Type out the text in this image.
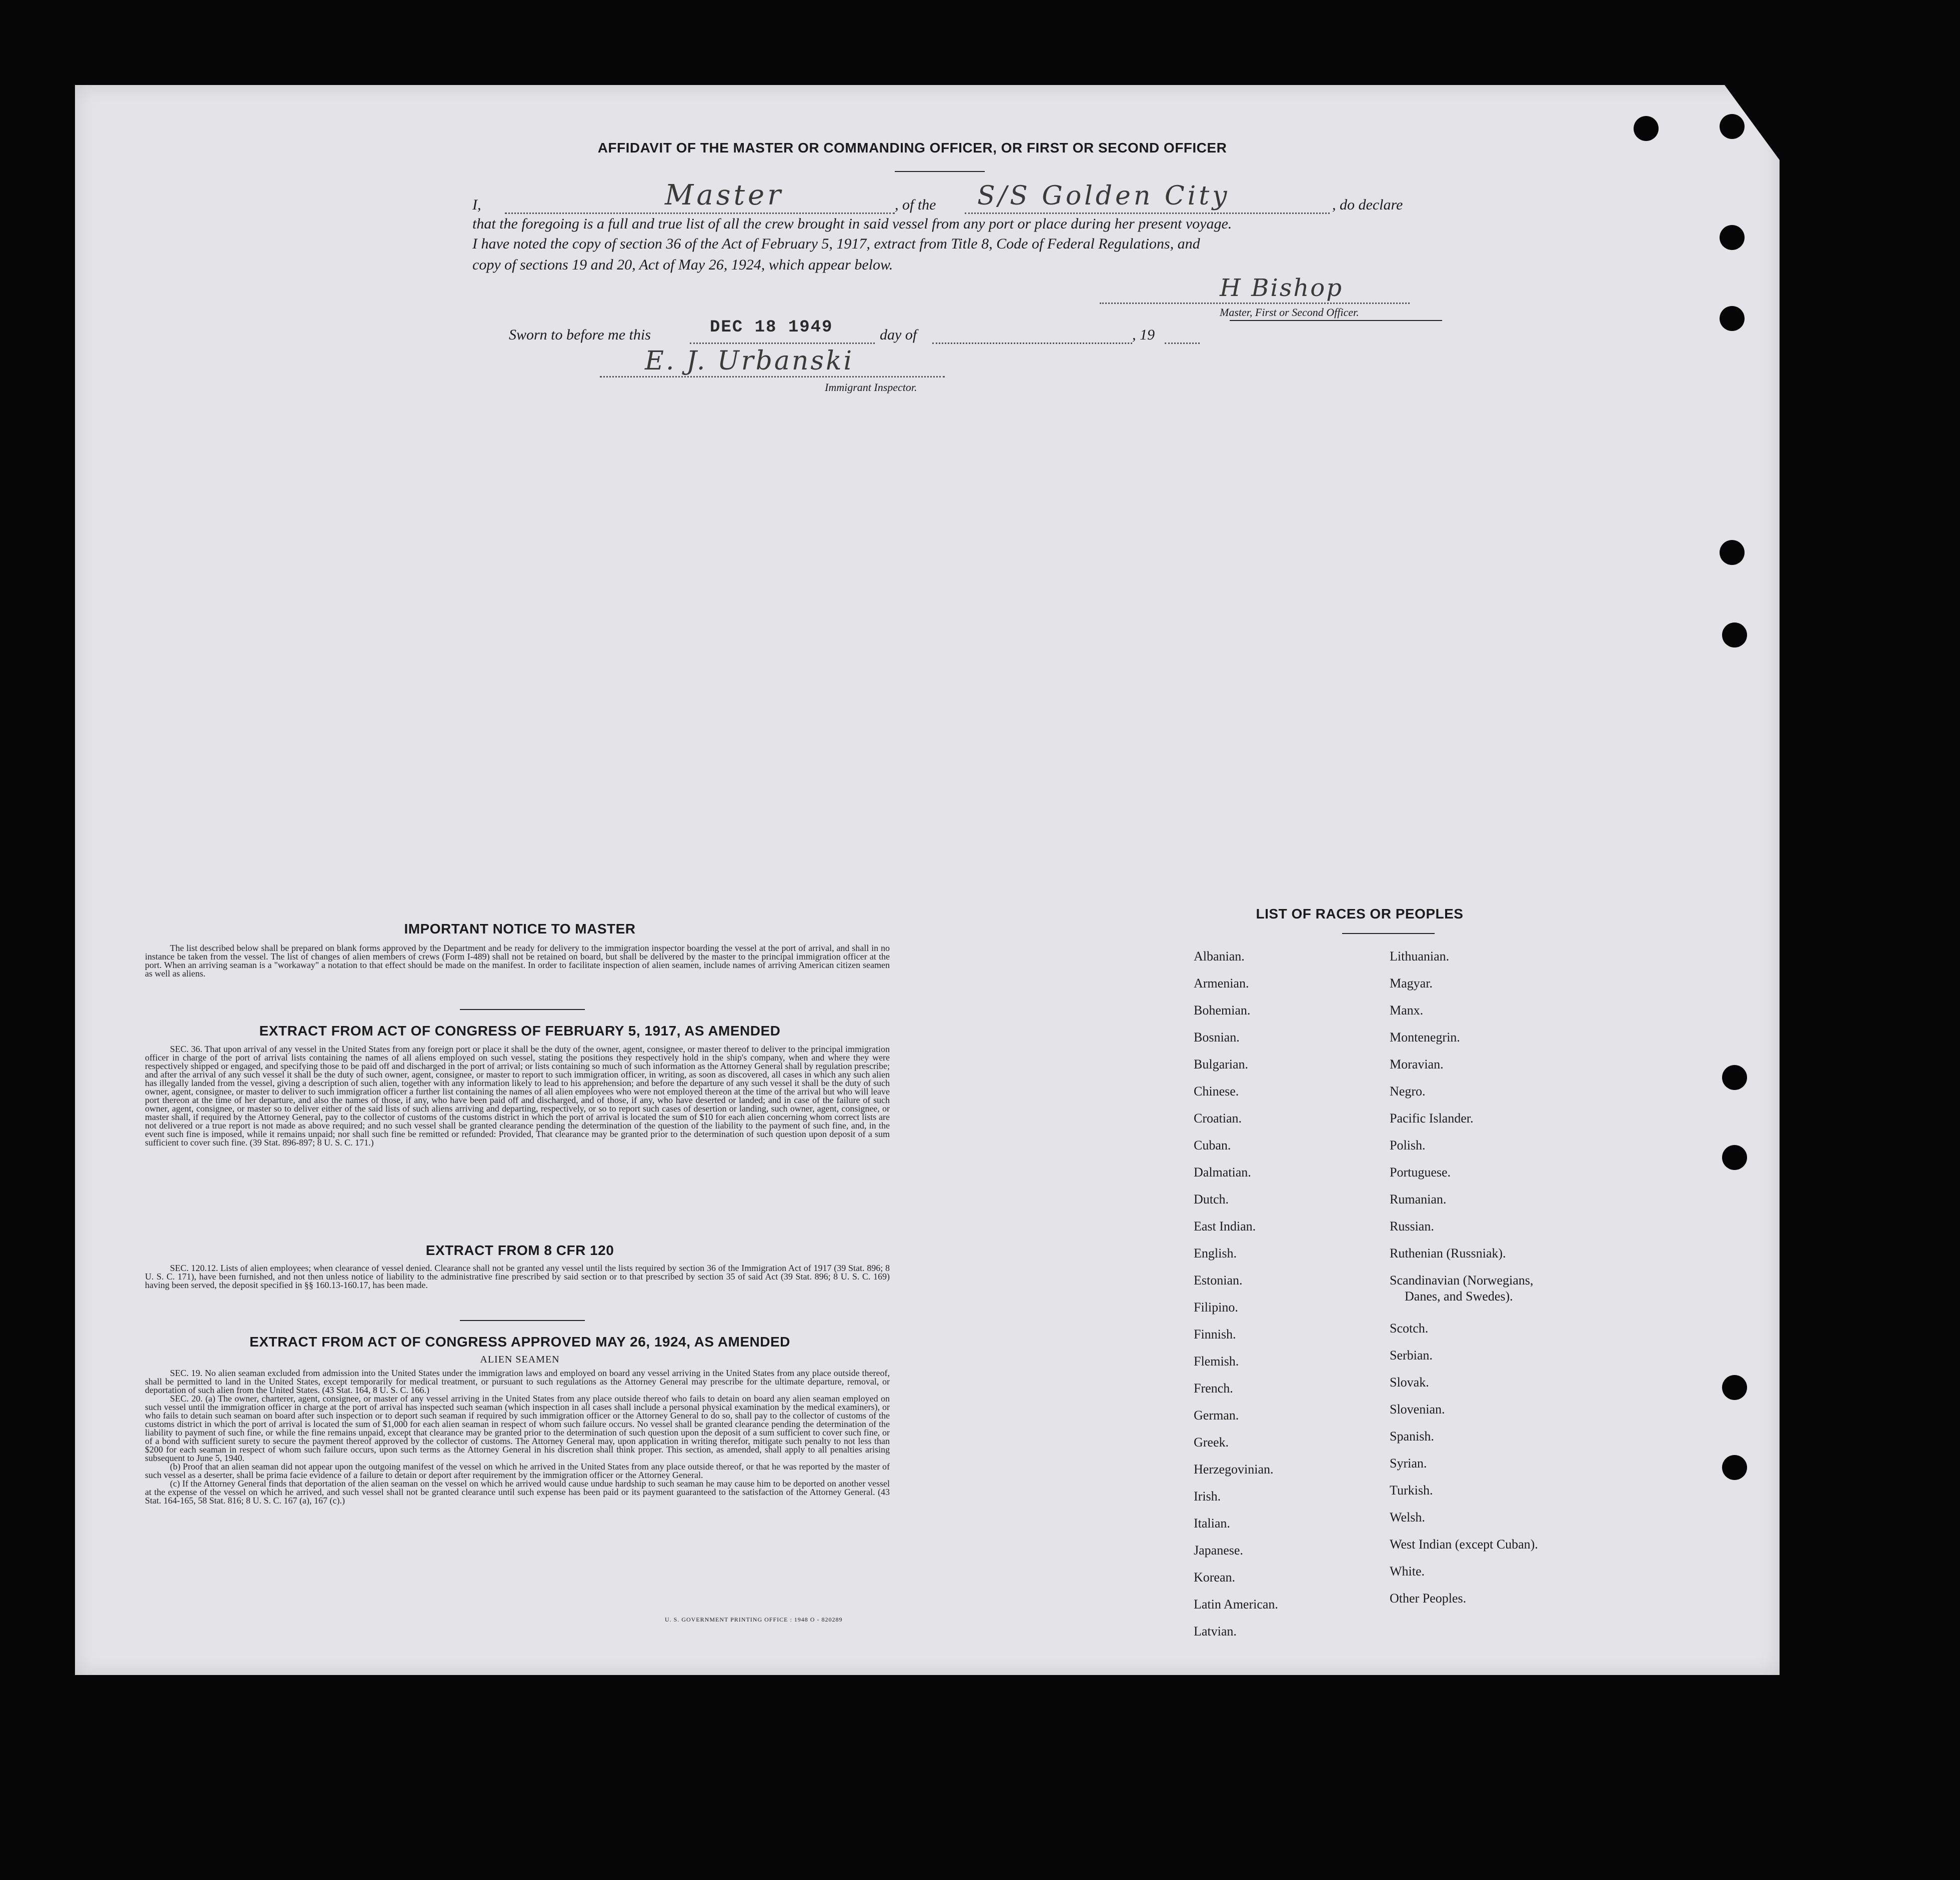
AFFIDAVIT OF THE MASTER OR COMMANDING OFFICER, OR FIRST OR SECOND OFFICER
I,	Master	, of the S/S Golden City	, do declare
that the foregoing is a full and true list of all the crew brought in said vessel from any port or place during her present voyage.
I have noted the copy of section 36 of the Act of February 5, 1917, extract from Title 8, Code of Federal Regulations, and
copy of sections 19 and 20, Act of May 26, 1924, which appear below.
H Bishop
Master, First or Second Officer.
Sworn to before me this	DEC 18 1949	day of	, 19
E. J. Urbanski
Immigrant Inspector.
IMPORTANT NOTICE TO MASTER

The list described below shall be prepared on blank forms approved by the Department and be ready for delivery to the immigration inspector boarding the vessel at the port of arrival, and shall in no instance be taken from the vessel. The list of changes of alien members of crews (Form I-489) shall not be retained on board, but shall be delivered by the master to the principal immigration officer at the port. When an arriving seaman is a "workaway" a notation to that effect should be made on the manifest. In order to facilitate inspection of alien seamen, include names of arriving American citizen seamen as well as aliens.

EXTRACT FROM ACT OF CONGRESS OF FEBRUARY 5, 1917, AS AMENDED

SEC. 36. That upon arrival of any vessel in the United States from any foreign port or place it shall be the duty of the owner, agent, consignee, or master thereof to deliver to the principal immigration officer in charge of the port of arrival lists containing the names of all aliens employed on such vessel, stating the positions they respectively hold in the ship's company, when and where they were respectively shipped or engaged, and specifying those to be paid off and discharged in the port of arrival; or lists containing so much of such information as the Attorney General shall by regulation prescribe; and after the arrival of any such vessel it shall be the duty of such owner, agent, consignee, or master to report to such immigration officer, in writing, as soon as discovered, all cases in which any such alien has illegally landed from the vessel, giving a description of such alien, together with any information likely to lead to his apprehension; and before the departure of any such vessel it shall be the duty of such owner, agent, consignee, or master to deliver to such immigration officer a further list containing the names of all alien employees who were not employed thereon at the time of the arrival but who will leave port thereon at the time of her departure, and also the names of those, if any, who have been paid off and discharged, and of those, if any, who have deserted or landed; and in case of the failure of such owner, agent, consignee, or master so to deliver either of the said lists of such aliens arriving and departing, respectively, or so to report such cases of desertion or landing, such owner, agent, consignee, or master shall, if required by the Attorney General, pay to the collector of customs of the customs district in which the port of arrival is located the sum of $10 for each alien concerning whom correct lists are not delivered or a true report is not made as above required; and no such vessel shall be granted clearance pending the determination of the question of the liability to the payment of such fine, and, in the event such fine is imposed, while it remains unpaid; nor shall such fine be remitted or refunded: Provided, That clearance may be granted prior to the determination of such question upon deposit of a sum sufficient to cover such fine. (39 Stat. 896-897; 8 U. S. C. 171.)

EXTRACT FROM 8 CFR 120

SEC. 120.12. Lists of alien employees; when clearance of vessel denied. Clearance shall not be granted any vessel until the lists required by section 36 of the Immigration Act of 1917 (39 Stat. 896; 8 U. S. C. 171), have been furnished, and not then unless notice of liability to the administrative fine prescribed by said section or to that prescribed by section 35 of said Act (39 Stat. 896; 8 U. S. C. 169) having been served, the deposit specified in §§ 160.13-160.17, has been made.

EXTRACT FROM ACT OF CONGRESS APPROVED MAY 26, 1924, AS AMENDED
ALIEN SEAMEN

SEC. 19. No alien seaman excluded from admission into the United States under the immigration laws and employed on board any vessel arriving in the United States from any place outside thereof, shall be permitted to land in the United States, except temporarily for medical treatment, or pursuant to such regulations as the Attorney General may prescribe for the ultimate departure, removal, or deportation of such alien from the United States. (43 Stat. 164, 8 U. S. C. 166.)

SEC. 20. (a) The owner, charterer, agent, consignee, or master of any vessel arriving in the United States from any place outside thereof who fails to detain on board any alien seaman employed on such vessel until the immigration officer in charge at the port of arrival has inspected such seaman (which inspection in all cases shall include a personal physical examination by the medical examiners), or who fails to detain such seaman on board after such inspection or to deport such seaman if required by such immigration officer or the Attorney General to do so, shall pay to the collector of customs of the customs district in which the port of arrival is located the sum of $1,000 for each alien seaman in respect of whom such failure occurs. No vessel shall be granted clearance pending the determination of the liability to payment of such fine, or while the fine remains unpaid, except that clearance may be granted prior to the determination of such question upon the deposit of a sum sufficient to cover such fine, or of a bond with sufficient surety to secure the payment thereof approved by the collector of customs. The Attorney General may, upon application in writing therefor, mitigate such penalty to not less than $200 for each seaman in respect of whom such failure occurs, upon such terms as the Attorney General in his discretion shall think proper. This section, as amended, shall apply to all penalties arising subsequent to June 5, 1940.

(b) Proof that an alien seaman did not appear upon the outgoing manifest of the vessel on which he arrived in the United States from any place outside thereof, or that he was reported by the master of such vessel as a deserter, shall be prima facie evidence of a failure to detain or deport after requirement by the immigration officer or the Attorney General.

(c) If the Attorney General finds that deportation of the alien seaman on the vessel on which he arrived would cause undue hardship to such seaman he may cause him to be deported on another vessel at the expense of the vessel on which he arrived, and such vessel shall not be granted clearance until such expense has been paid or its payment guaranteed to the satisfaction of the Attorney General. (43 Stat. 164-165, 58 Stat. 816; 8 U. S. C. 167 (a), 167 (c).)

U. S. GOVERNMENT PRINTING OFFICE : 1948 O - 820289
LIST OF RACES OR PEOPLES
Albanian.
Armenian.
Bohemian.
Bosnian.
Bulgarian.
Chinese.
Croatian.
Cuban.
Dalmatian.
Dutch.
East Indian.
English.
Estonian.
Filipino.
Finnish.
Flemish.
French.
German.
Greek.
Herzegovinian.
Irish.
Italian.
Japanese.
Korean.
Latin American.
Latvian.
Lithuanian.
Magyar.
Manx.
Montenegrin.
Moravian.
Negro.
Pacific Islander.
Polish.
Portuguese.
Rumanian.
Russian.
Ruthenian (Russniak).
Scandinavian (Norwegians,
Danes, and Swedes).
Scotch.
Serbian.
Slovak.
Slovenian.
Spanish.
Syrian.
Turkish.
Welsh.
West Indian (except Cuban).
White.
Other Peoples.
